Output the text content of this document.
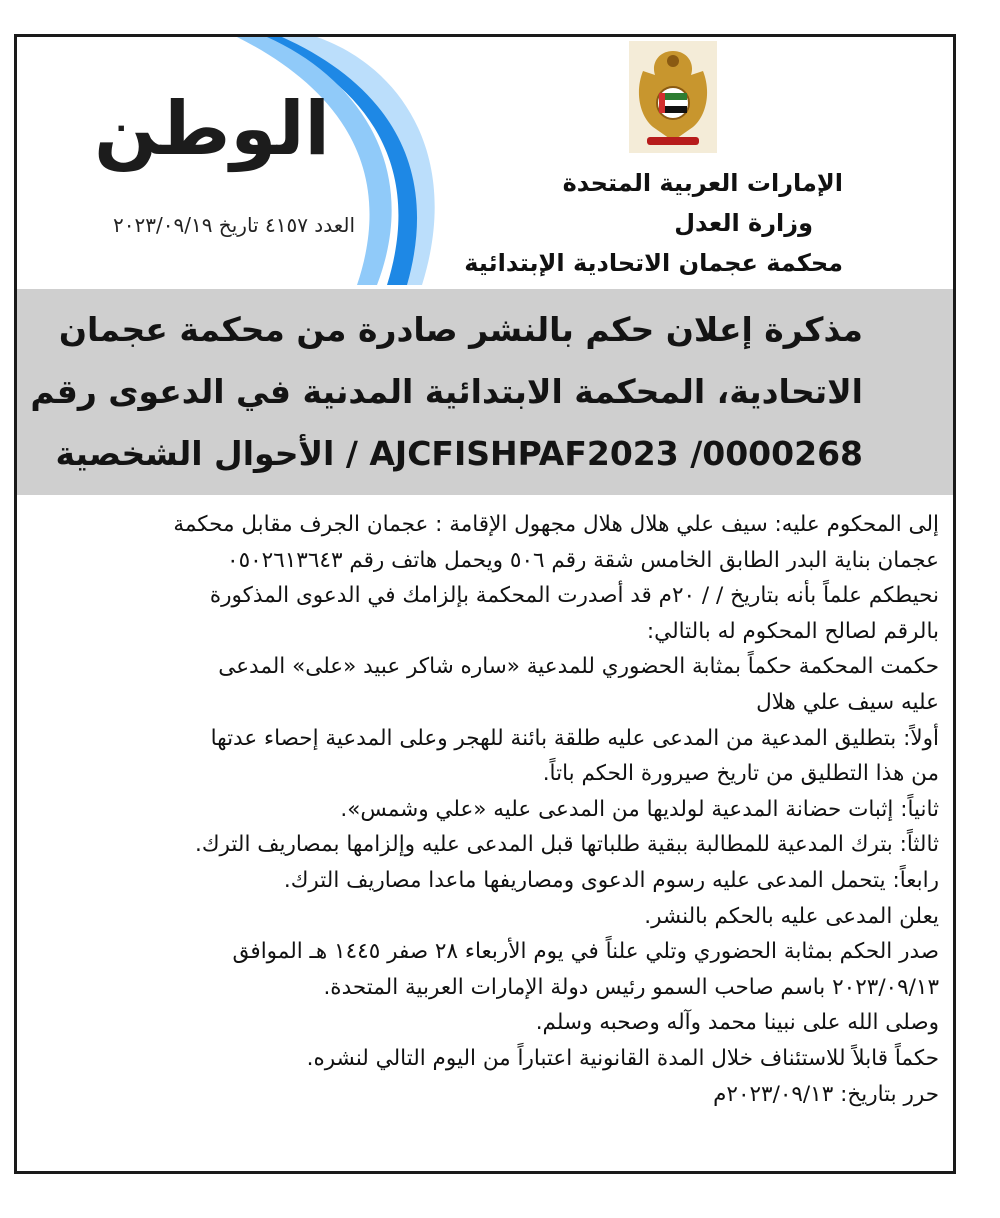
الوطن
العدد ٤١٥٧ تاريخ ٢٠٢٣/٠٩/١٩
الإمارات العربية المتحدة
وزارة العدل
محكمة عجمان الاتحادية الإبتدائية
مذكرة إعلان حكم بالنشر صادرة من محكمة عجمان
الاتحادية، المحكمة الابتدائية المدنية في الدعوى رقم
AJCFISHPAF2023 /0000268 / الأحوال الشخصية

إلى المحكوم عليه: سيف علي هلال هلال مجهول الإقامة : عجمان الجرف مقابل محكمة

عجمان بناية البدر الطابق الخامس شقة رقم ٥٠٦ ويحمل هاتف رقم ٠٥٠٢٦١٣٦٤٣

نحيطكم علماً بأنه بتاريخ / / ٢٠م قد أصدرت المحكمة بإلزامك في الدعوى المذكورة

بالرقم لصالح المحكوم له بالتالي:

حكمت المحكمة حكماً بمثابة الحضوري للمدعية «ساره شاكر عبيد «على» المدعى

عليه سيف علي هلال

أولاً: بتطليق المدعية من المدعى عليه طلقة بائنة للهجر وعلى المدعية إحصاء عدتها

من هذا التطليق من تاريخ صيرورة الحكم باتاً.

ثانياً: إثبات حضانة المدعية لولديها من المدعى عليه «علي وشمس».

ثالثاً: بترك المدعية للمطالبة ببقية طلباتها قبل المدعى عليه وإلزامها بمصاريف الترك.

رابعاً: يتحمل المدعى عليه رسوم الدعوى ومصاريفها ماعدا مصاريف الترك.

يعلن المدعى عليه بالحكم بالنشر.

صدر الحكم بمثابة الحضوري وتلي علناً في يوم الأربعاء ٢٨ صفر ١٤٤٥ هـ الموافق

٢٠٢٣/٠٩/١٣ باسم صاحب السمو رئيس دولة الإمارات العربية المتحدة.

وصلى الله على نبينا محمد وآله وصحبه وسلم.

حكماً قابلاً للاستئناف خلال المدة القانونية اعتباراً من اليوم التالي لنشره.

حرر بتاريخ: ٢٠٢٣/٠٩/١٣م
